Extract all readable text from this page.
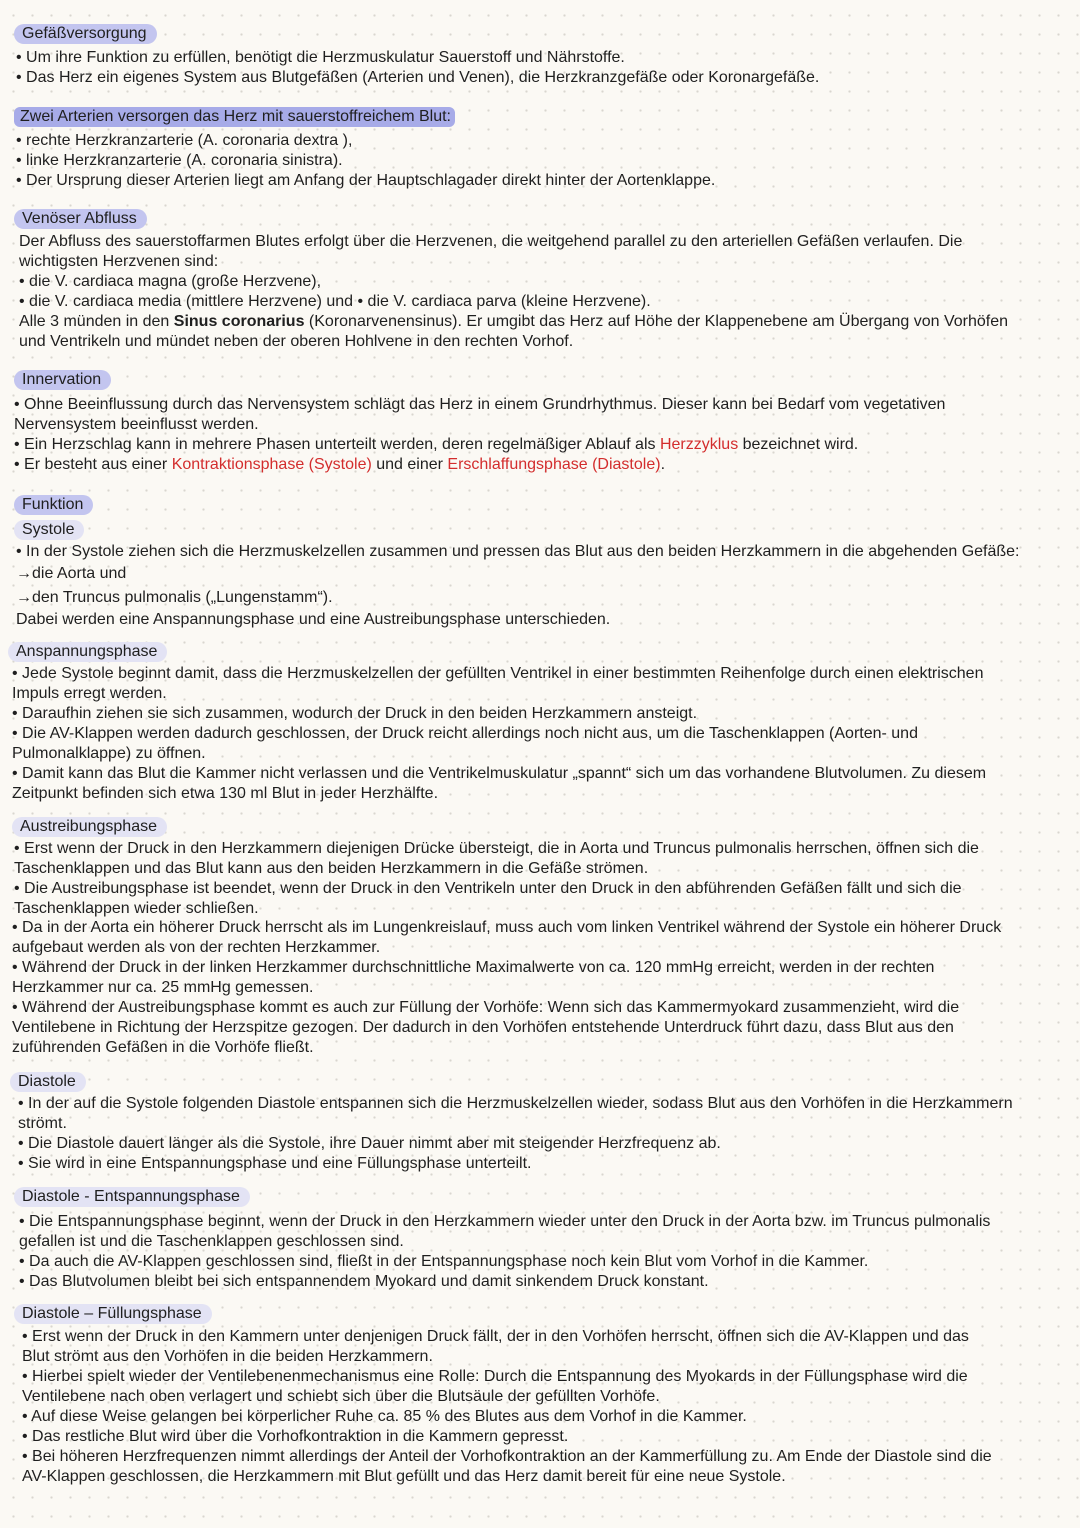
Gefäßversorgung
• Um ihre Funktion zu erfüllen, benötigt die Herzmuskulatur Sauerstoff und Nährstoffe.
• Das Herz ein eigenes System aus Blutgefäßen (Arterien und Venen), die Herzkranzgefäße oder Koronargefäße.
Zwei Arterien versorgen das Herz mit sauerstoffreichem Blut:
• rechte Herzkranzarterie (A. coronaria dextra ),
• linke Herzkranzarterie (A. coronaria sinistra).
• Der Ursprung dieser Arterien liegt am Anfang der Hauptschlagader direkt hinter der Aortenklappe.
Venöser Abfluss
Der Abfluss des sauerstoffarmen Blutes erfolgt über die Herzvenen, die weitgehend parallel zu den arteriellen Gefäßen verlaufen. Die
wichtigsten Herzvenen sind:
• die V. cardiaca magna (große Herzvene),
• die V. cardiaca media (mittlere Herzvene) und • die V. cardiaca parva (kleine Herzvene).
Alle 3 münden in den Sinus coronarius (Koronarvenensinus). Er umgibt das Herz auf Höhe der Klappenebene am Übergang von Vorhöfen
und Ventrikeln und mündet neben der oberen Hohlvene in den rechten Vorhof.
Innervation
• Ohne Beeinflussung durch das Nervensystem schlägt das Herz in einem Grundrhythmus. Dieser kann bei Bedarf vom vegetativen
Nervensystem beeinflusst werden.
• Ein Herzschlag kann in mehrere Phasen unterteilt werden, deren regelmäßiger Ablauf als Herzzyklus bezeichnet wird.
• Er besteht aus einer Kontraktionsphase (Systole) und einer Erschlaffungsphase (Diastole).
Funktion
Systole
• In der Systole ziehen sich die Herzmuskelzellen zusammen und pressen das Blut aus den beiden Herzkammern in die abgehenden Gefäße:
→die Aorta und
→den Truncus pulmonalis („Lungenstamm“).
Dabei werden eine Anspannungsphase und eine Austreibungsphase unterschieden.
Anspannungsphase
• Jede Systole beginnt damit, dass die Herzmuskelzellen der gefüllten Ventrikel in einer bestimmten Reihenfolge durch einen elektrischen
Impuls erregt werden.
• Daraufhin ziehen sie sich zusammen, wodurch der Druck in den beiden Herzkammern ansteigt.
• Die AV-Klappen werden dadurch geschlossen, der Druck reicht allerdings noch nicht aus, um die Taschenklappen (Aorten- und
Pulmonalklappe) zu öffnen.
• Damit kann das Blut die Kammer nicht verlassen und die Ventrikelmuskulatur „spannt“ sich um das vorhandene Blutvolumen. Zu diesem
Zeitpunkt befinden sich etwa 130 ml Blut in jeder Herzhälfte.
Austreibungsphase
• Erst wenn der Druck in den Herzkammern diejenigen Drücke übersteigt, die in Aorta und Truncus pulmonalis herrschen, öffnen sich die
Taschenklappen und das Blut kann aus den beiden Herzkammern in die Gefäße strömen.
• Die Austreibungsphase ist beendet, wenn der Druck in den Ventrikeln unter den Druck in den abführenden Gefäßen fällt und sich die
Taschenklappen wieder schließen.
• Da in der Aorta ein höherer Druck herrscht als im Lungenkreislauf, muss auch vom linken Ventrikel während der Systole ein höherer Druck
aufgebaut werden als von der rechten Herzkammer.
• Während der Druck in der linken Herzkammer durchschnittliche Maximalwerte von ca. 120 mmHg erreicht, werden in der rechten
Herzkammer nur ca. 25 mmHg gemessen.
• Während der Austreibungsphase kommt es auch zur Füllung der Vorhöfe: Wenn sich das Kammermyokard zusammenzieht, wird die
Ventilebene in Richtung der Herzspitze gezogen. Der dadurch in den Vorhöfen entstehende Unterdruck führt dazu, dass Blut aus den
zuführenden Gefäßen in die Vorhöfe fließt.
Diastole
• In der auf die Systole folgenden Diastole entspannen sich die Herzmuskelzellen wieder, sodass Blut aus den Vorhöfen in die Herzkammern
strömt.
• Die Diastole dauert länger als die Systole, ihre Dauer nimmt aber mit steigender Herzfrequenz ab.
• Sie wird in eine Entspannungsphase und eine Füllungsphase unterteilt.
Diastole - Entspannungsphase
• Die Entspannungsphase beginnt, wenn der Druck in den Herzkammern wieder unter den Druck in der Aorta bzw. im Truncus pulmonalis
gefallen ist und die Taschenklappen geschlossen sind.
• Da auch die AV-Klappen geschlossen sind, fließt in der Entspannungsphase noch kein Blut vom Vorhof in die Kammer.
• Das Blutvolumen bleibt bei sich entspannendem Myokard und damit sinkendem Druck konstant.
Diastole – Füllungsphase
• Erst wenn der Druck in den Kammern unter denjenigen Druck fällt, der in den Vorhöfen herrscht, öffnen sich die AV-Klappen und das
Blut strömt aus den Vorhöfen in die beiden Herzkammern.
• Hierbei spielt wieder der Ventilebenenmechanismus eine Rolle: Durch die Entspannung des Myokards in der Füllungsphase wird die
Ventilebene nach oben verlagert und schiebt sich über die Blutsäule der gefüllten Vorhöfe.
• Auf diese Weise gelangen bei körperlicher Ruhe ca. 85 % des Blutes aus dem Vorhof in die Kammer.
• Das restliche Blut wird über die Vorhofkontraktion in die Kammern gepresst.
• Bei höheren Herzfrequenzen nimmt allerdings der Anteil der Vorhofkontraktion an der Kammerfüllung zu. Am Ende der Diastole sind die
AV-Klappen geschlossen, die Herzkammern mit Blut gefüllt und das Herz damit bereit für eine neue Systole.
